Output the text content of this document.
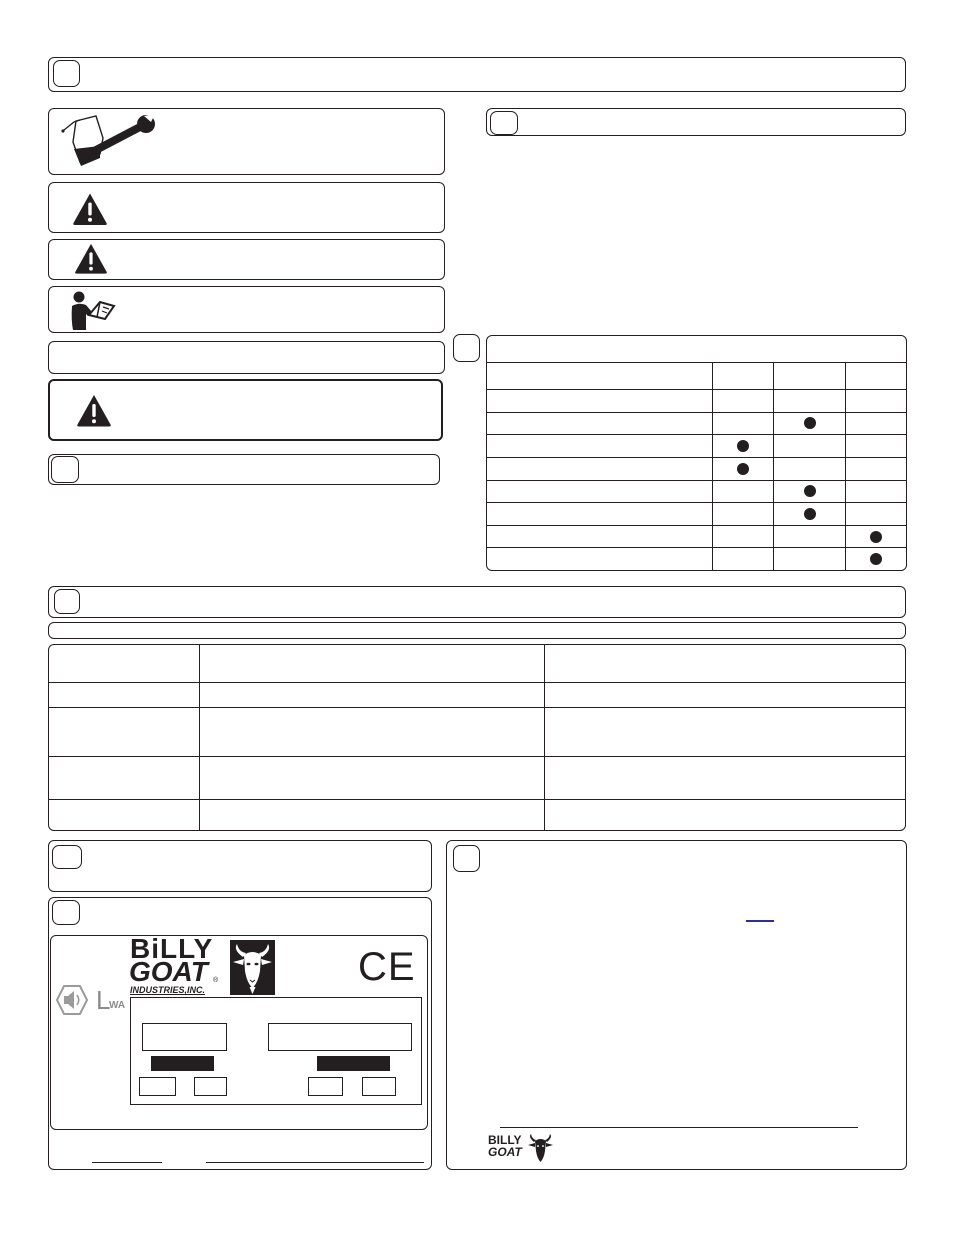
BiLLY
GOAT ®
INDUSTRIES,INC.
CE
L
WA
BILLY
GOAT
